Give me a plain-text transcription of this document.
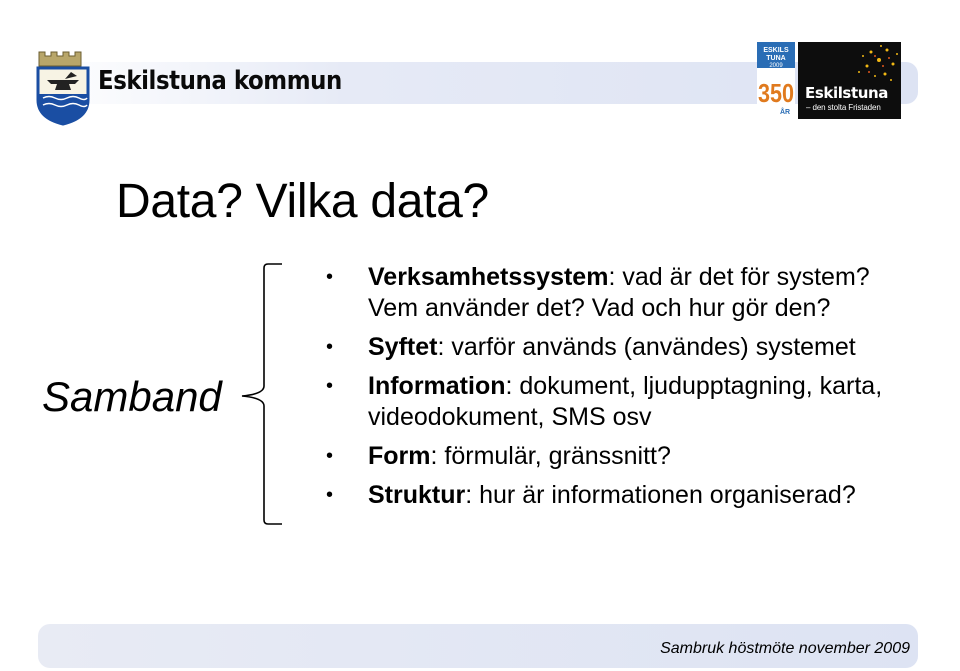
Eskilstuna kommun
ESKILS
TUNA
2009
350
ÅR
Eskilstuna
– den stolta Fristaden
Data? Vilka data?
Samband
• Verksamhetssystem: vad är det för system? Vem använder det? Vad och hur gör den?
• Syftet: varför används (användes) systemet
• Information: dokument, ljudupptagning, karta, videodokument, SMS osv
• Form: förmulär, gränssnitt?
• Struktur: hur är informationen organiserad?
Sambruk höstmöte november 2009
